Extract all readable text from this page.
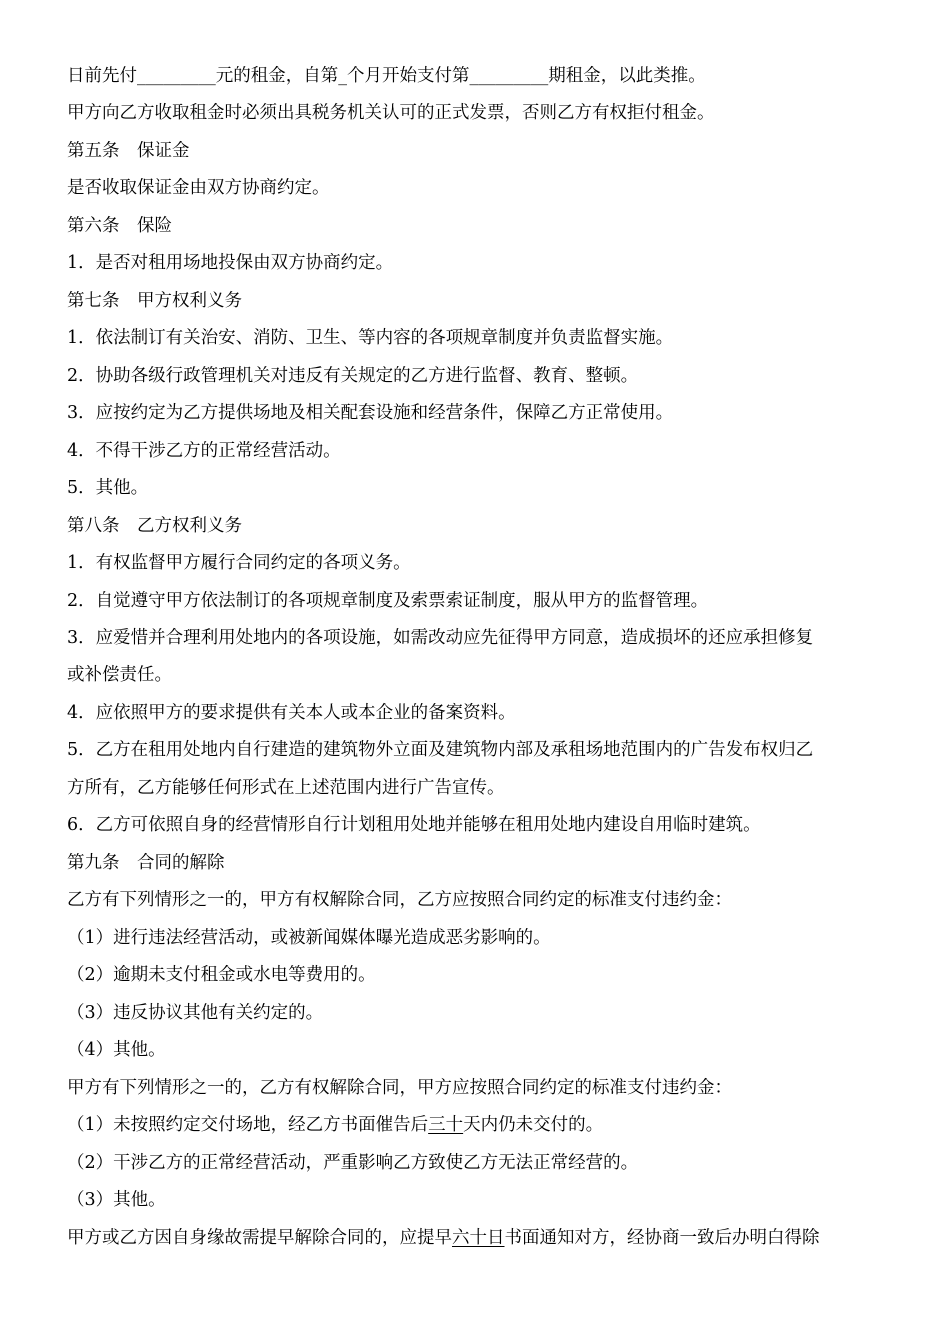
日前先付_________元的租金，自第_个月开始支付第_________期租金，以此类推。
甲方向乙方收取租金时必须出具税务机关认可的正式发票，否则乙方有权拒付租金。
第五条　保证金
是否收取保证金由双方协商约定。
第六条　保险
1．是否对租用场地投保由双方协商约定。
第七条　甲方权利义务
1．依法制订有关治安、消防、卫生、等内容的各项规章制度并负责监督实施。
2．协助各级行政管理机关对违反有关规定的乙方进行监督、教育、整顿。
3．应按约定为乙方提供场地及相关配套设施和经营条件，保障乙方正常使用。
4．不得干涉乙方的正常经营活动。
5．其他。
第八条　乙方权利义务
1．有权监督甲方履行合同约定的各项义务。
2．自觉遵守甲方依法制订的各项规章制度及索票索证制度，服从甲方的监督管理。
3．应爱惜并合理利用处地内的各项设施，如需改动应先征得甲方同意，造成损坏的还应承担修复
或补偿责任。
4．应依照甲方的要求提供有关本人或本企业的备案资料。
5．乙方在租用处地内自行建造的建筑物外立面及建筑物内部及承租场地范围内的广告发布权归乙
方所有，乙方能够任何形式在上述范围内进行广告宣传。
6．乙方可依照自身的经营情形自行计划租用处地并能够在租用处地内建设自用临时建筑。
第九条　合同的解除
乙方有下列情形之一的，甲方有权解除合同，乙方应按照合同约定的标准支付违约金：
（1）进行违法经营活动，或被新闻媒体曝光造成恶劣影响的。
（2）逾期未支付租金或水电等费用的。
（3）违反协议其他有关约定的。
（4）其他。
甲方有下列情形之一的，乙方有权解除合同，甲方应按照合同约定的标准支付违约金：
（1）未按照约定交付场地，经乙方书面催告后三十天内仍未交付的。
（2）干涉乙方的正常经营活动，严重影响乙方致使乙方无法正常经营的。
（3）其他。
甲方或乙方因自身缘故需提早解除合同的，应提早六十日书面通知对方，经协商一致后办明白得除
